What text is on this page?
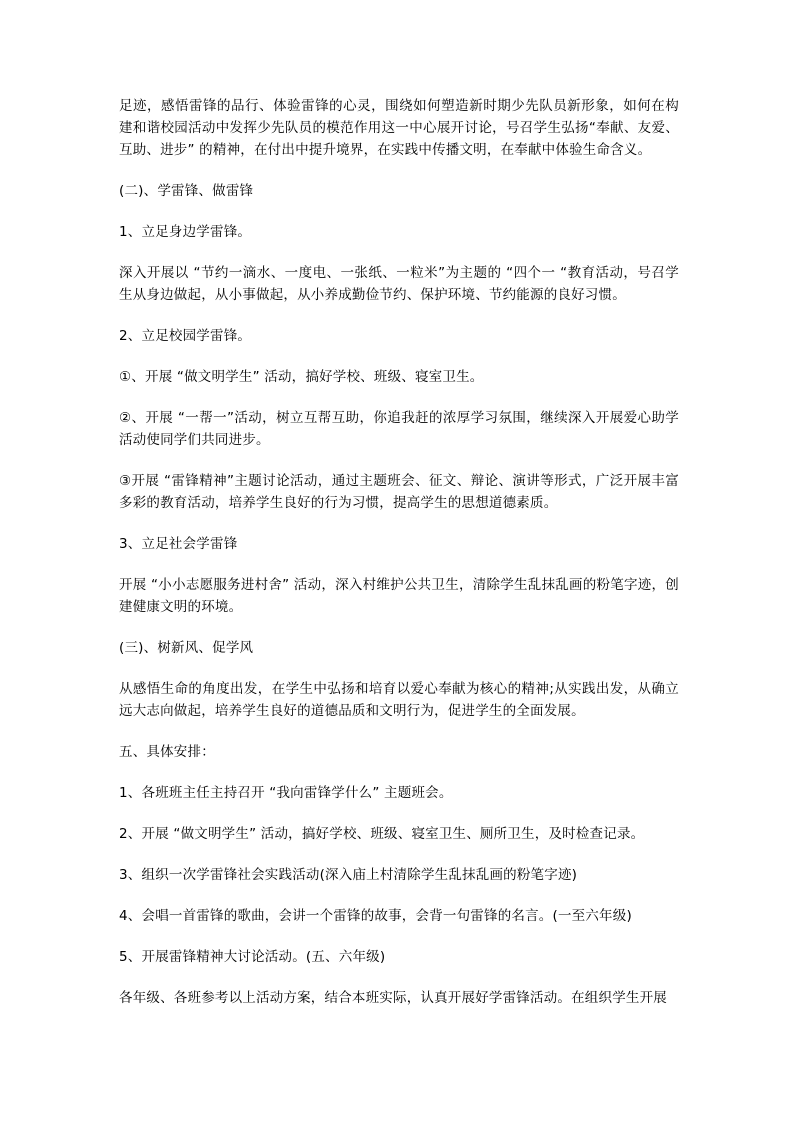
足迹，感悟雷锋的品行、体验雷锋的心灵，围绕如何塑造新时期少先队员新形象，如何在构建和谐校园活动中发挥少先队员的模范作用这一中心展开讨论，号召学生弘扬“奉献、友爱、互助、进步” 的精神，在付出中提升境界，在实践中传播文明，在奉献中体验生命含义。

(二)、学雷锋、做雷锋

1、立足身边学雷锋。

深入开展以 “节约一滴水、一度电、一张纸、一粒米”为主题的 “四个一 “教育活动，号召学生从身边做起，从小事做起，从小养成勤俭节约、保护环境、节约能源的良好习惯。

2、立足校园学雷锋。

①、开展 “做文明学生” 活动，搞好学校、班级、寝室卫生。

②、开展 “一帮一”活动，树立互帮互助，你追我赶的浓厚学习氛围，继续深入开展爱心助学活动使同学们共同进步。

③开展 “雷锋精神”主题讨论活动，通过主题班会、征文、辩论、演讲等形式，广泛开展丰富多彩的教育活动，培养学生良好的行为习惯，提高学生的思想道德素质。

3、立足社会学雷锋

开展 “小小志愿服务进村舍” 活动，深入村维护公共卫生，清除学生乱抹乱画的粉笔字迹，创建健康文明的环境。

(三)、树新风、促学风

从感悟生命的角度出发，在学生中弘扬和培育以爱心奉献为核心的精神;从实践出发，从确立远大志向做起，培养学生良好的道德品质和文明行为，促进学生的全面发展。

五、具体安排：

1、各班班主任主持召开 “我向雷锋学什么” 主题班会。

2、开展 “做文明学生” 活动，搞好学校、班级、寝室卫生、厕所卫生，及时检查记录。

3、组织一次学雷锋社会实践活动(深入庙上村清除学生乱抹乱画的粉笔字迹)

4、会唱一首雷锋的歌曲，会讲一个雷锋的故事，会背一句雷锋的名言。(一至六年级)

5、开展雷锋精神大讨论活动。(五、六年级)

各年级、各班参考以上活动方案，结合本班实际，认真开展好学雷锋活动。在组织学生开展
